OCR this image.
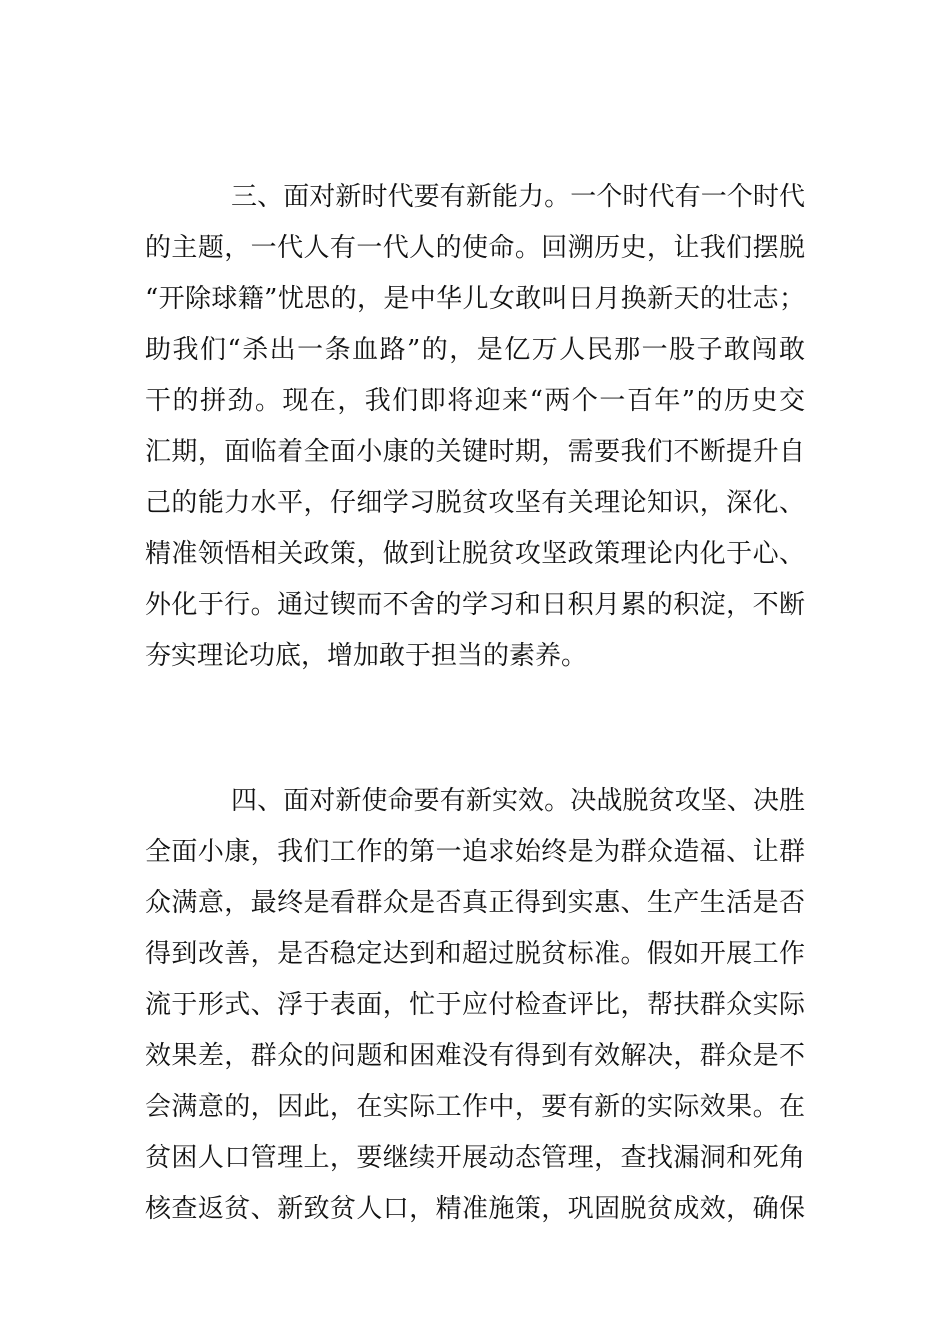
三、面对新时代要有新能力。一个时代有一个时代
的主题，一代人有一代人的使命。回溯历史，让我们摆脱
“开除球籍”忧思的，是中华儿女敢叫日月换新天的壮志；
助我们“杀出一条血路”的，是亿万人民那一股子敢闯敢
干的拼劲。现在，我们即将迎来“两个一百年”的历史交
汇期，面临着全面小康的关键时期，需要我们不断提升自
己的能力水平，仔细学习脱贫攻坚有关理论知识，深化、
精准领悟相关政策，做到让脱贫攻坚政策理论内化于心、
外化于行。通过锲而不舍的学习和日积月累的积淀，不断
夯实理论功底，增加敢于担当的素养。
四、面对新使命要有新实效。决战脱贫攻坚、决胜
全面小康，我们工作的第一追求始终是为群众造福、让群
众满意，最终是看群众是否真正得到实惠、生产生活是否
得到改善，是否稳定达到和超过脱贫标准。假如开展工作
流于形式、浮于表面，忙于应付检查评比，帮扶群众实际
效果差，群众的问题和困难没有得到有效解决，群众是不
会满意的，因此，在实际工作中，要有新的实际效果。在
贫困人口管理上，要继续开展动态管理，查找漏洞和死角
核查返贫、新致贫人口，精准施策，巩固脱贫成效，确保
